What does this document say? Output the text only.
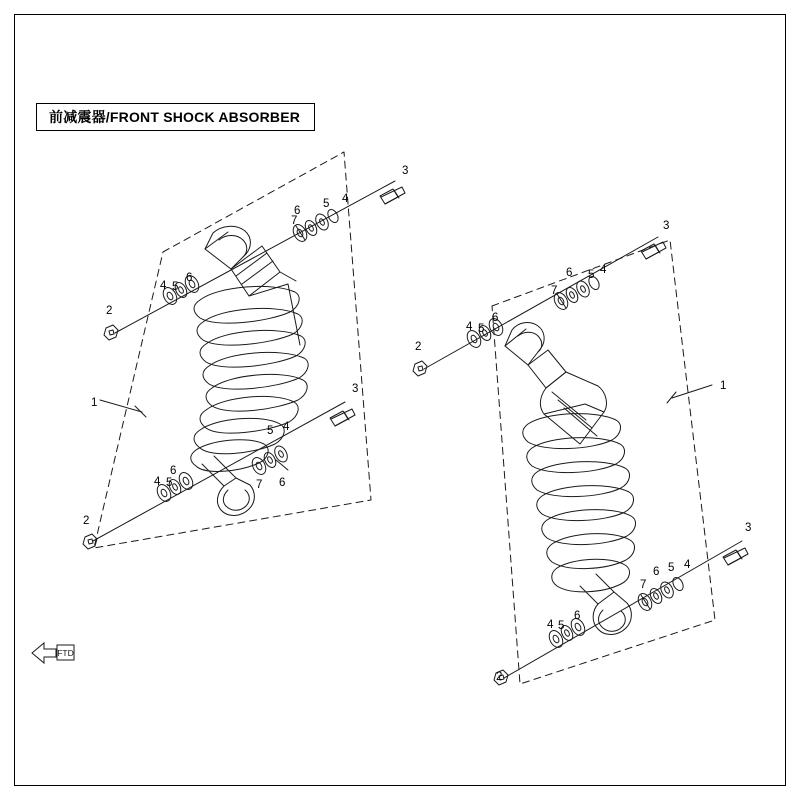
前减震器/FRONT SHOCK ABSORBER
FTD
1
2
2
3
3
4
4
4
4
5
5
5
5
6
6
6
6
7
7
1
2
2
3
3
4
4
4
4
5
5
5
5
6
6
6
6
7
7
